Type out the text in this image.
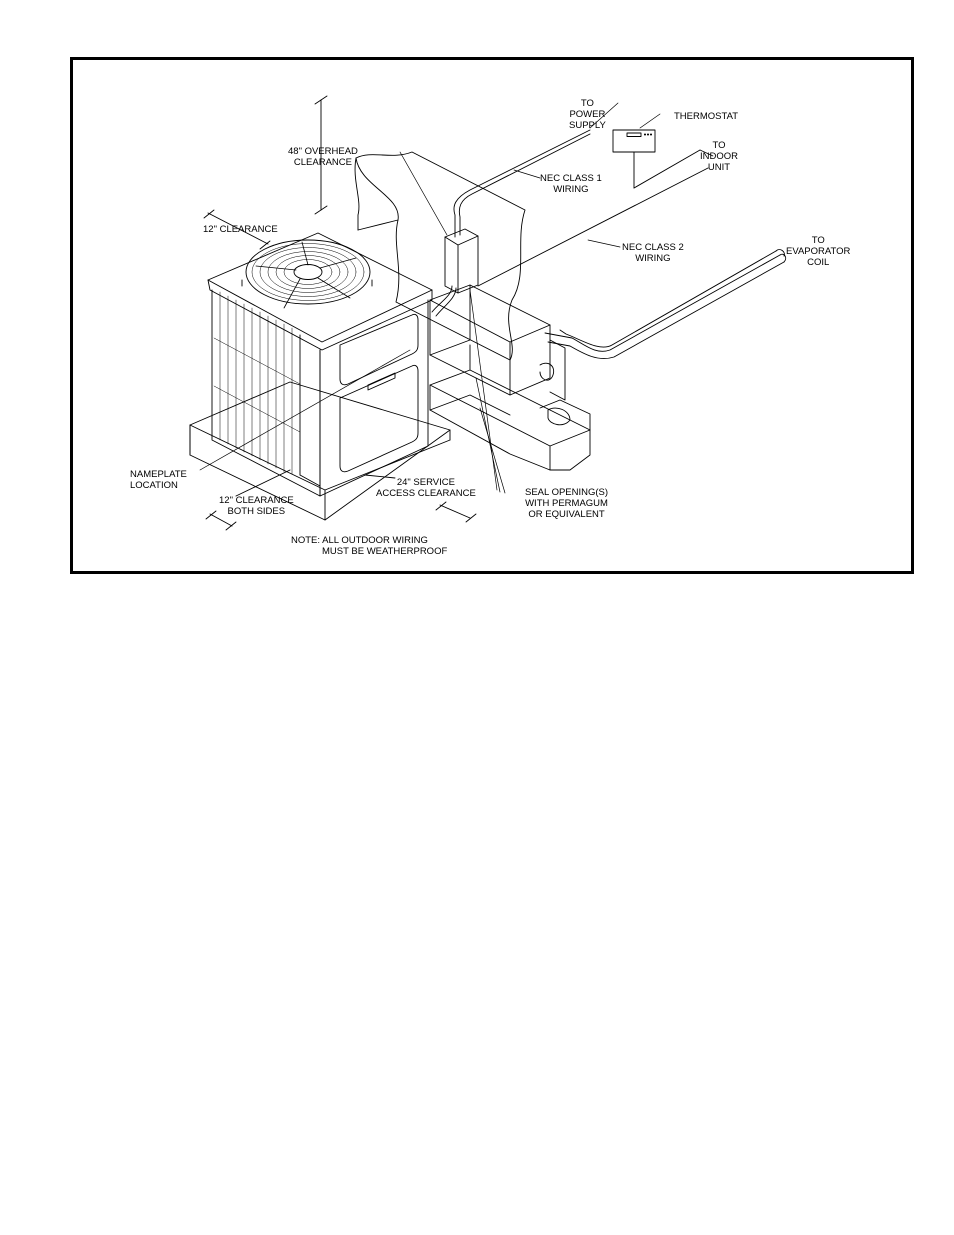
TO
POWER
SUPPLY
THERMOSTAT
TO
INDOOR
UNIT
48" OVERHEAD
CLEARANCE
NEC CLASS 1
WIRING
12" CLEARANCE
NEC CLASS 2
WIRING
TO
EVAPORATOR
COIL
NAMEPLATE
LOCATION	24" SERVICE
ACCESS CLEARANCE	SEAL OPENING(S)
WITH PERMAGUM
OR EQUIVALENT
12" CLEARANCE
BOTH SIDES
NOTE: ALL OUTDOOR WIRING
MUST BE WEATHERPROOF
